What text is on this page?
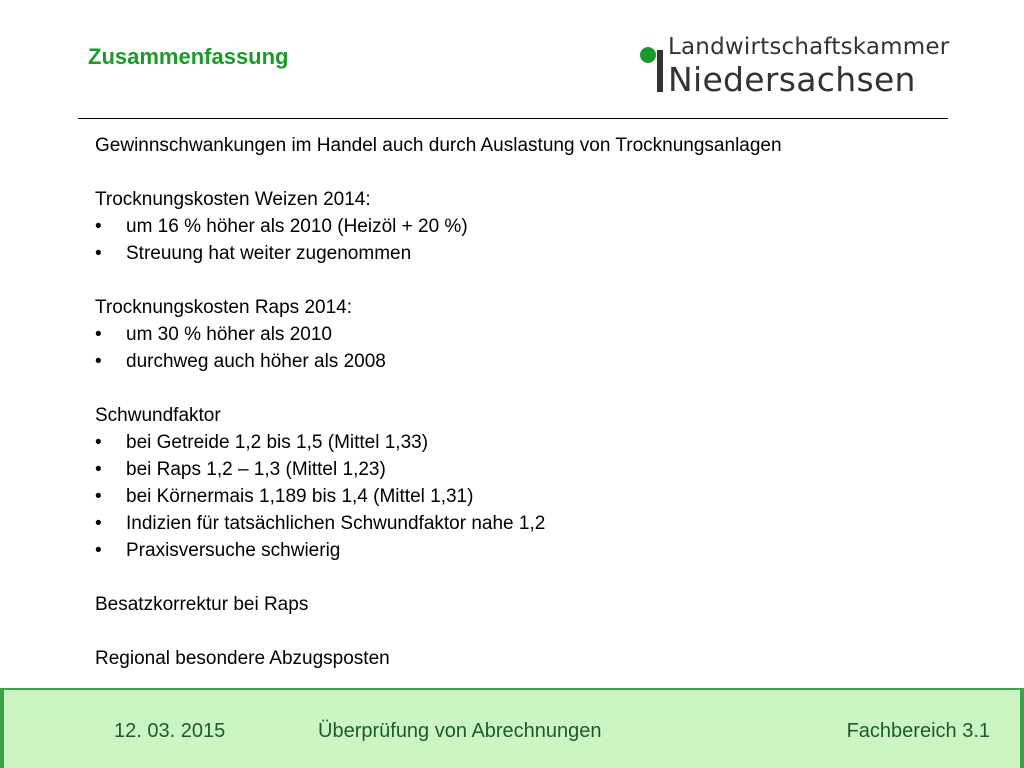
Zusammenfassung	Landwirtschaftskammer
Niedersachsen

Gewinnschwankungen im Handel auch durch Auslastung von Trocknungsanlagen

Trocknungskosten Weizen 2014:

• um 16 % höher als 2010 (Heizöl + 20 %)
• Streuung hat weiter zugenommen

Trocknungskosten Raps 2014:

• um 30 % höher als 2010
• durchweg auch höher als 2008

Schwundfaktor

• bei Getreide 1,2 bis 1,5 (Mittel 1,33)
• bei Raps 1,2 – 1,3 (Mittel 1,23)
• bei Körnermais 1,189 bis 1,4 (Mittel 1,31)
• Indizien für tatsächlichen Schwundfaktor nahe 1,2
• Praxisversuche schwierig

Besatzkorrektur bei Raps

Regional besondere Abzugsposten

12. 03. 2015	Überprüfung von Abrechnungen	Fachbereich 3.1
